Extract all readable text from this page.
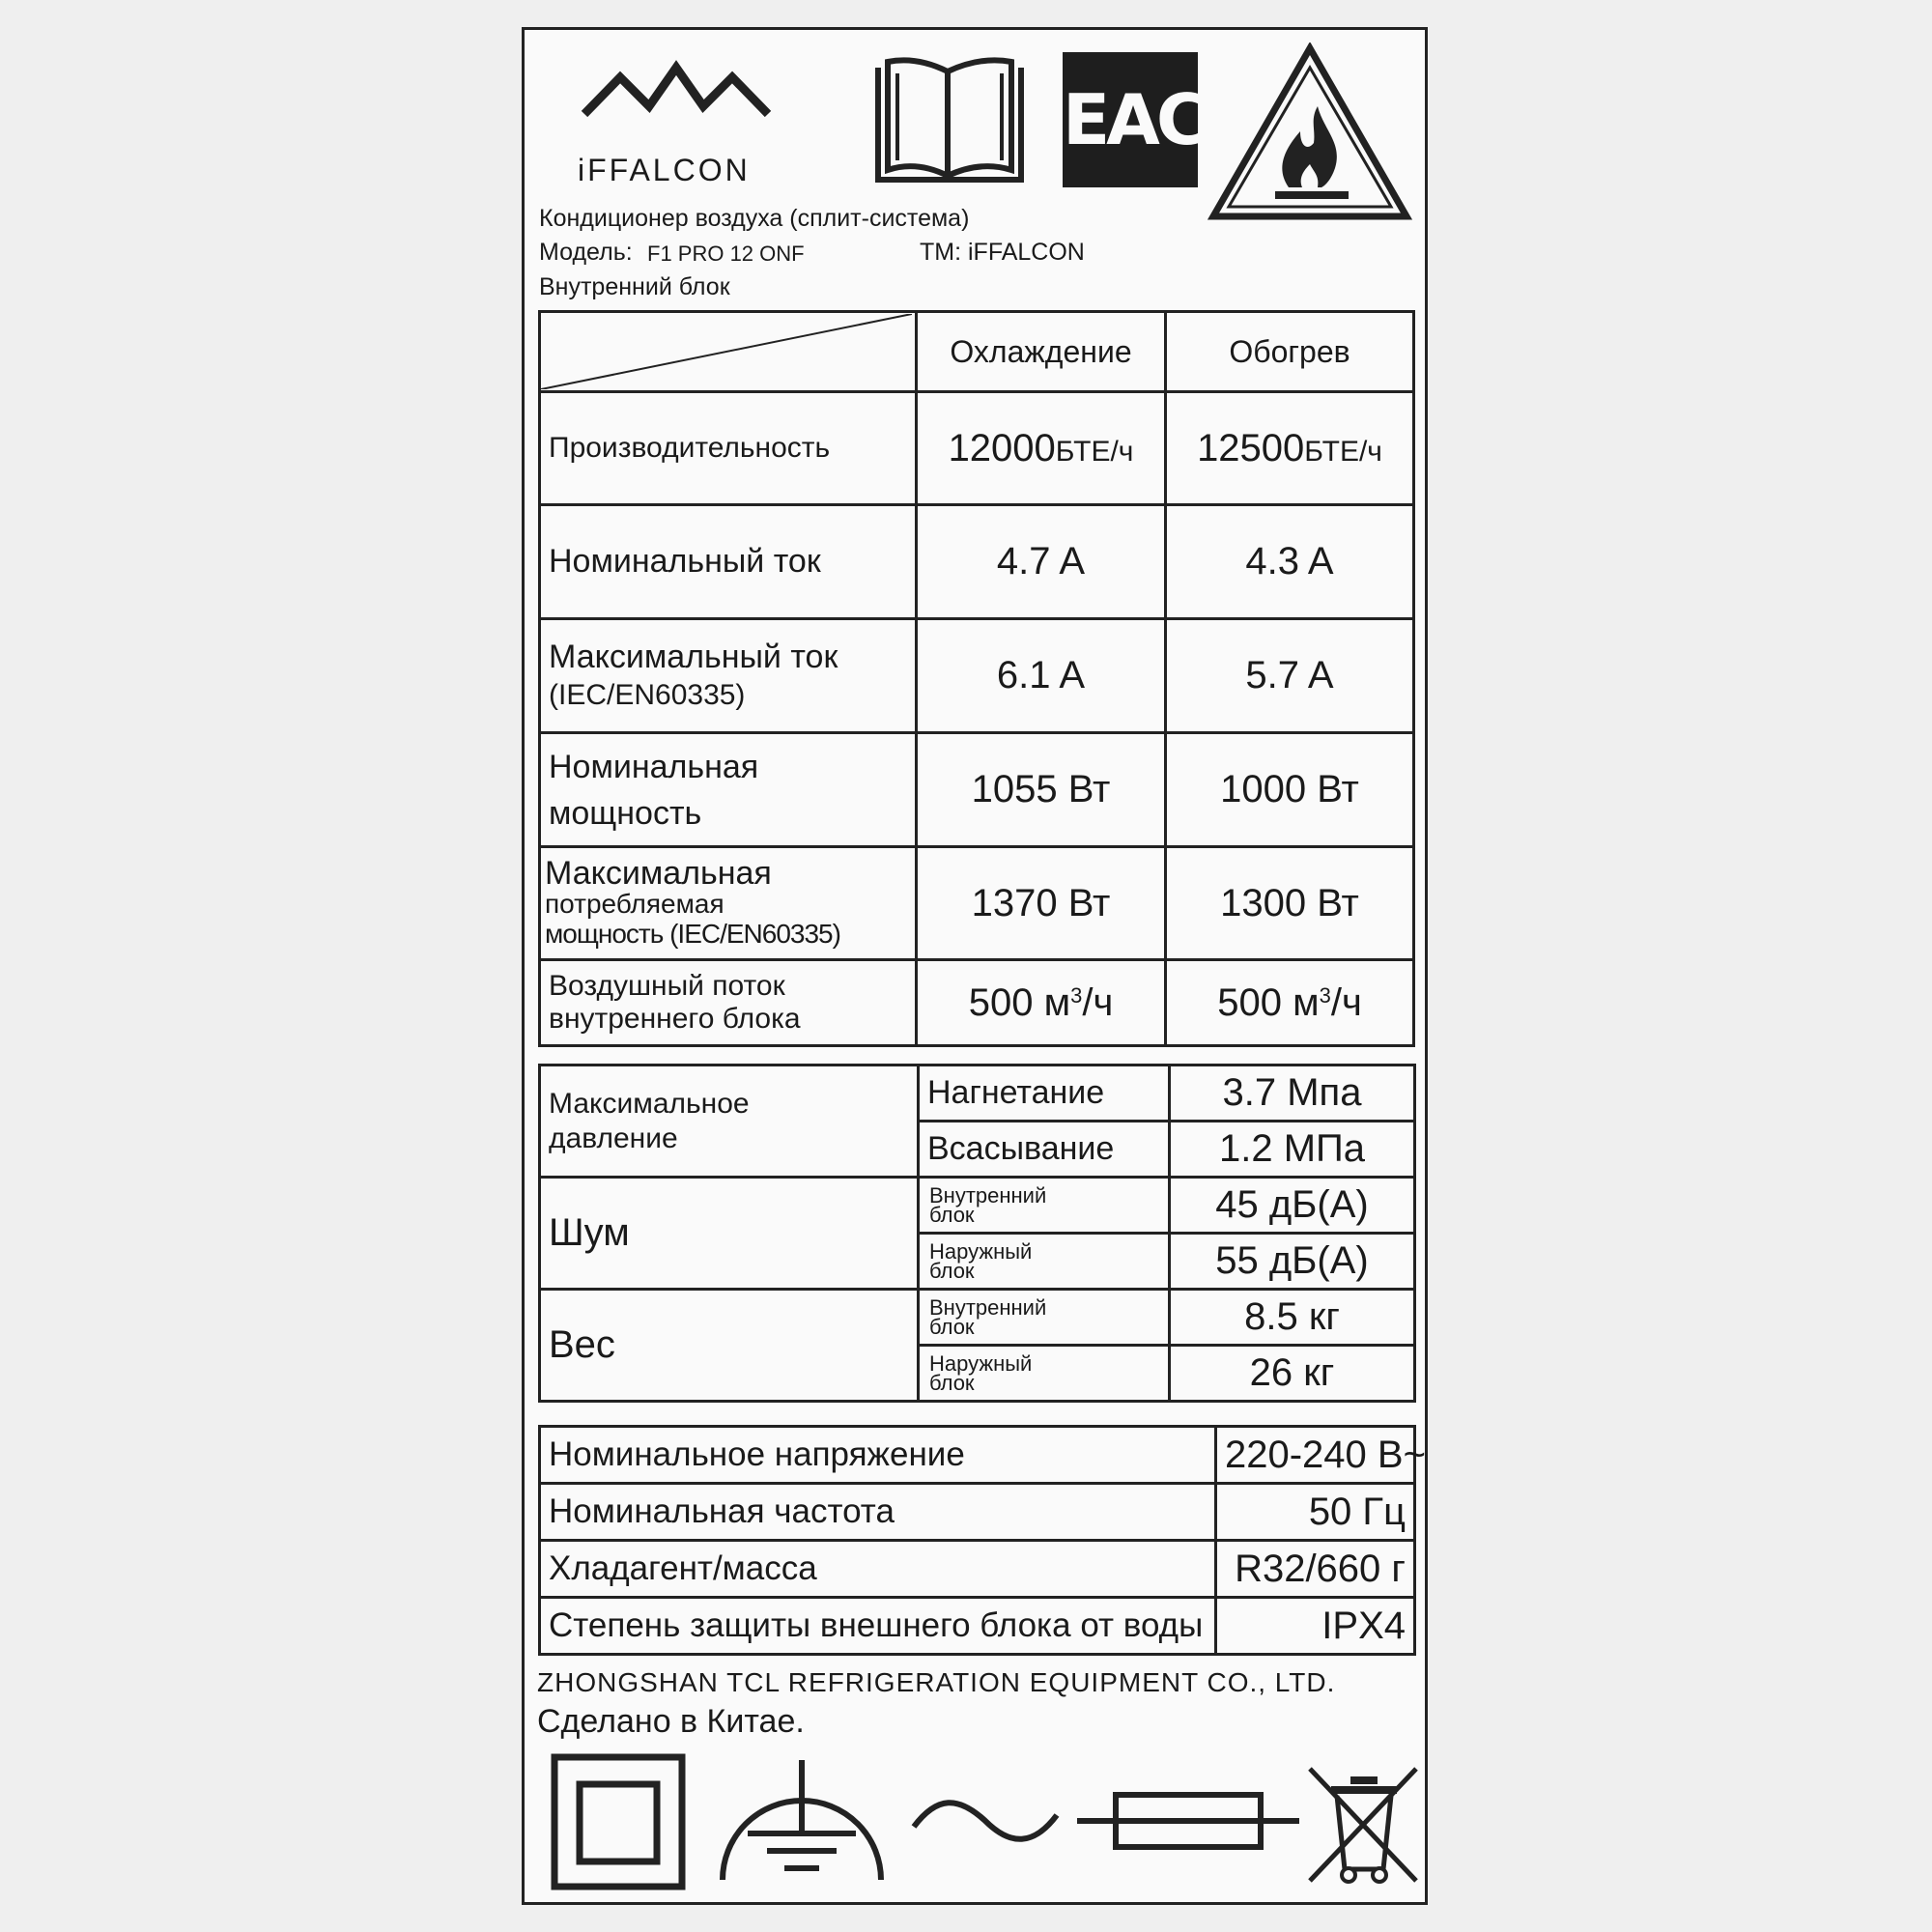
iFFALCON
EAC
Кондиционер воздуха (сплит-система)
Модель: F1 PRO 12 ONF	TM: iFFALCON
Внутренний блок
	Охлаждение	Обогрев
Производительность	12000БТЕ/ч	12500БТЕ/ч
Номинальный ток	4.7 A	4.3 A

Максимальный ток
(IEC/EN60335)	6.1 A	5.7 A

Номинальная
мощность	1055 Вт	1000 Вт

Максимальная
потребляемая
мощность (IEC/EN60335)	1370 Вт	1300 Вт

Воздушный поток
внутреннего блока	500 $м^3/ч$	500 $м^3/ч$
Максимальное давление	Нагнетание	3.7 Мпа
	Всасывание	1.2 МПа
Шум	Внутренний блок	45 дБ(А)
	Наружный блок	55 дБ(А)
Вес	Внутренний блок	8.5 кг
	Наружный блок	26 кг
Номинальное напряжение	220-240 В~
Номинальная частота	50 Гц
Хладагент/масса	R32/660 г
Степень защиты внешнего блока от воды	IPX4
ZHONGSHAN TCL REFRIGERATION EQUIPMENT CO., LTD.
Сделано в Китае.
